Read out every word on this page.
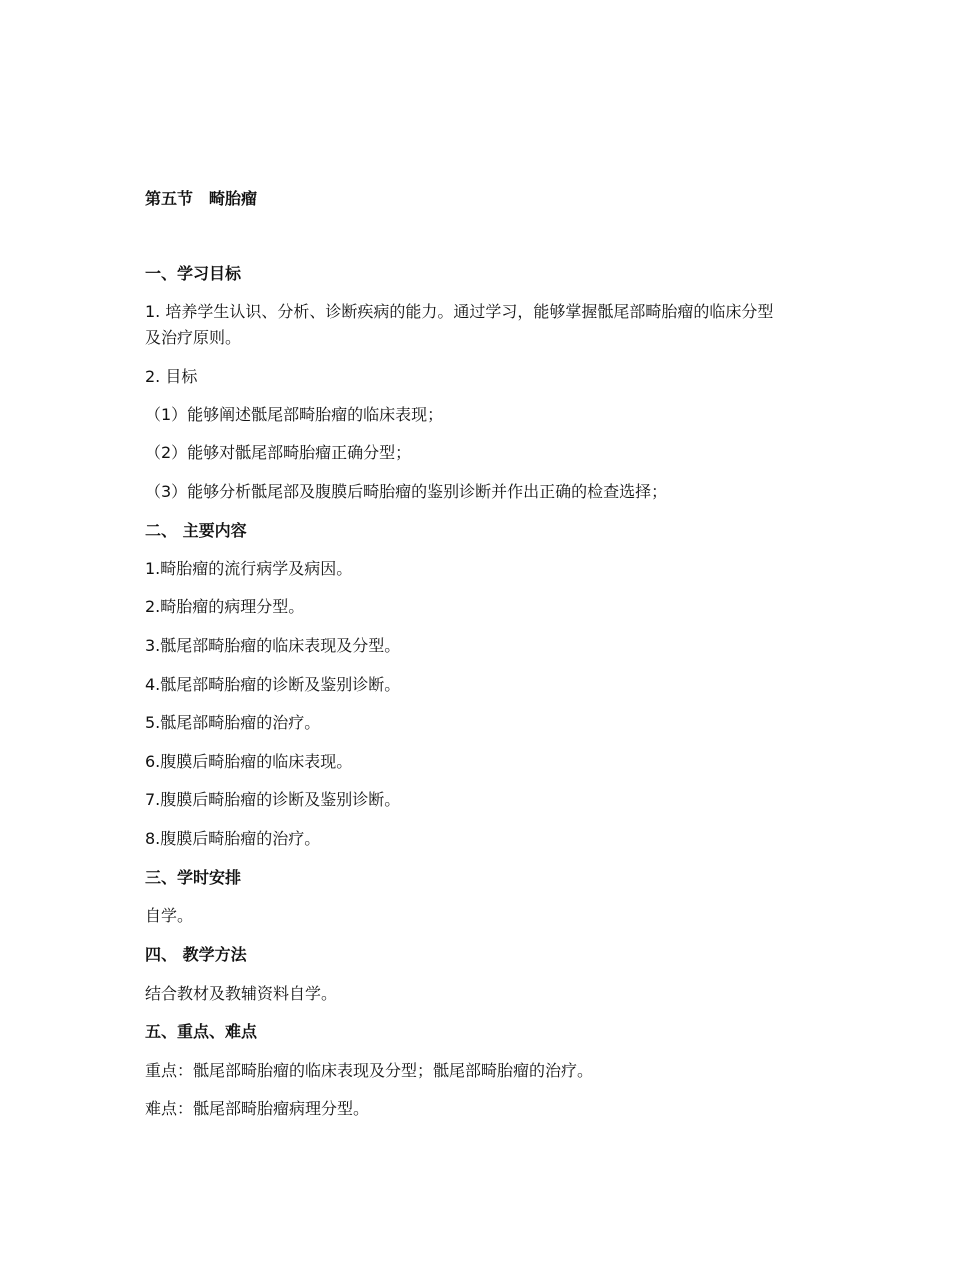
第五节　畸胎瘤
一、学习目标
1. 培养学生认识、分析、诊断疾病的能力。通过学习，能够掌握骶尾部畸胎瘤的临床分型
及治疗原则。
2. 目标
（1）能够阐述骶尾部畸胎瘤的临床表现；
（2）能够对骶尾部畸胎瘤正确分型；
（3）能够分析骶尾部及腹膜后畸胎瘤的鉴别诊断并作出正确的检查选择；
二、 主要内容
1.畸胎瘤的流行病学及病因。
2.畸胎瘤的病理分型。
3.骶尾部畸胎瘤的临床表现及分型。
4.骶尾部畸胎瘤的诊断及鉴别诊断。
5.骶尾部畸胎瘤的治疗。
6.腹膜后畸胎瘤的临床表现。
7.腹膜后畸胎瘤的诊断及鉴别诊断。
8.腹膜后畸胎瘤的治疗。
三、学时安排
自学。
四、 教学方法
结合教材及教辅资料自学。
五、重点、难点
重点：骶尾部畸胎瘤的临床表现及分型；骶尾部畸胎瘤的治疗。
难点：骶尾部畸胎瘤病理分型。
